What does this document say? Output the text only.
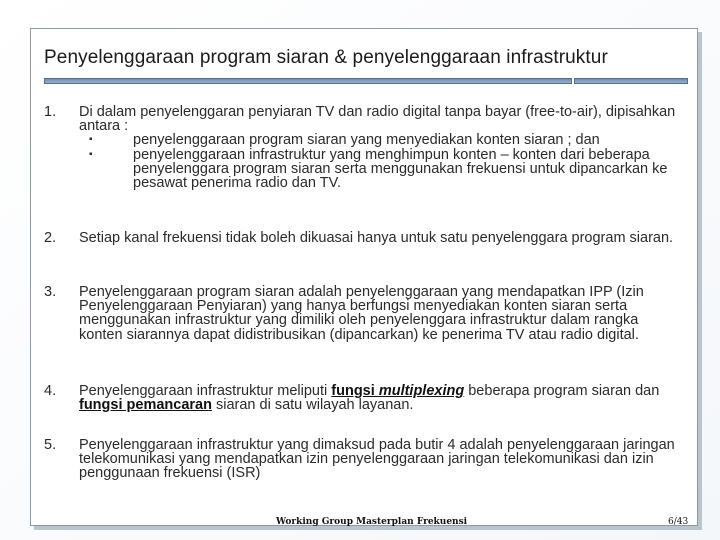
Penyelenggaraan program siaran & penyelenggaraan infrastruktur
1.	Di dalam penyelenggaran penyiaran TV dan radio digital tanpa bayar (free-to-air), dipisahkan antara :
▪	penyelenggaraan program siaran yang menyediakan konten siaran ; dan
▪	penyelenggaraan infrastruktur yang menghimpun konten – konten dari beberapa penyelenggara program siaran serta menggunakan frekuensi untuk dipancarkan ke pesawat penerima radio dan TV.
2.	Setiap kanal frekuensi tidak boleh dikuasai hanya untuk satu penyelenggara program siaran.
3.	Penyelenggaraan program siaran adalah penyelenggaraan yang mendapatkan IPP (Izin Penyelenggaraan Penyiaran) yang hanya berfungsi menyediakan konten siaran serta menggunakan infrastruktur yang dimiliki oleh penyelenggara infrastruktur dalam rangka konten siarannya dapat didistribusikan (dipancarkan) ke penerima TV atau radio digital.
4.	Penyelenggaraan infrastruktur meliputi fungsi multiplexing beberapa program siaran dan fungsi pemancaran siaran di satu wilayah layanan.
5.	Penyelenggaraan infrastruktur yang dimaksud pada butir 4 adalah penyelenggaraan jaringan telekomunikasi yang mendapatkan izin penyelenggaraan jaringan telekomunikasi dan izin penggunaan frekuensi (ISR)
Working Group Masterplan Frekuensi	6/43
